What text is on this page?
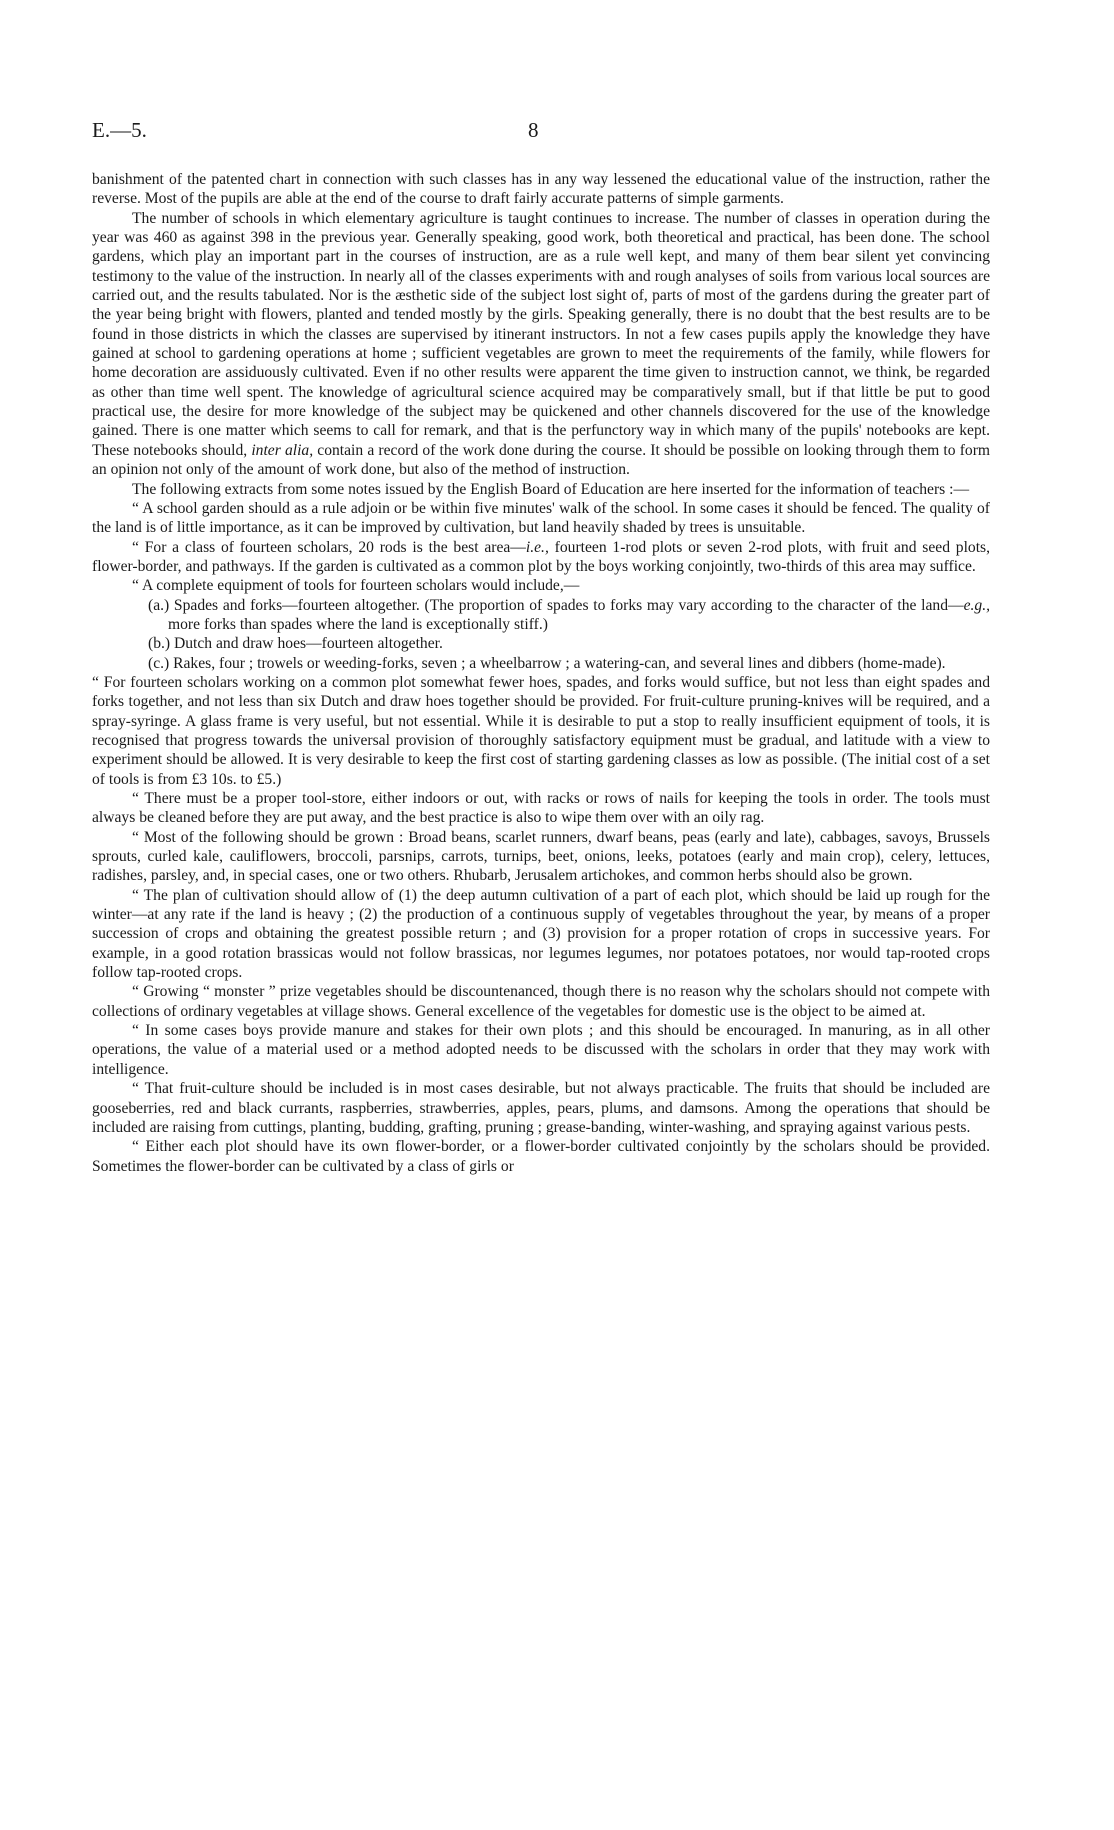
E.—5.	8

banishment of the patented chart in connection with such classes has in any way lessened the educational value of the instruction, rather the reverse. Most of the pupils are able at the end of the course to draft fairly accurate patterns of simple garments.

The number of schools in which elementary agriculture is taught continues to increase. The number of classes in operation during the year was 460 as against 398 in the previous year. Generally speaking, good work, both theoretical and practical, has been done. The school gardens, which play an important part in the courses of instruction, are as a rule well kept, and many of them bear silent yet convincing testimony to the value of the instruction. In nearly all of the classes experiments with and rough analyses of soils from various local sources are carried out, and the results tabulated. Nor is the æsthetic side of the subject lost sight of, parts of most of the gardens during the greater part of the year being bright with flowers, planted and tended mostly by the girls. Speaking generally, there is no doubt that the best results are to be found in those districts in which the classes are supervised by itinerant instructors. In not a few cases pupils apply the knowledge they have gained at school to gardening operations at home ; sufficient vegetables are grown to meet the requirements of the family, while flowers for home decoration are assiduously cultivated. Even if no other results were apparent the time given to instruction cannot, we think, be regarded as other than time well spent. The knowledge of agricultural science acquired may be comparatively small, but if that little be put to good practical use, the desire for more knowledge of the subject may be quickened and other channels discovered for the use of the knowledge gained. There is one matter which seems to call for remark, and that is the perfunctory way in which many of the pupils' notebooks are kept. These notebooks should, inter alia, contain a record of the work done during the course. It should be possible on looking through them to form an opinion not only of the amount of work done, but also of the method of instruction.

The following extracts from some notes issued by the English Board of Education are here inserted for the information of teachers :—

“ A school garden should as a rule adjoin or be within five minutes' walk of the school. In some cases it should be fenced. The quality of the land is of little importance, as it can be improved by cultivation, but land heavily shaded by trees is unsuitable.

“ For a class of fourteen scholars, 20 rods is the best area—i.e., fourteen 1-rod plots or seven 2-rod plots, with fruit and seed plots, flower-border, and pathways. If the garden is cultivated as a common plot by the boys working conjointly, two-thirds of this area may suffice.

“ A complete equipment of tools for fourteen scholars would include,—

(a.) Spades and forks—fourteen altogether. (The proportion of spades to forks may vary according to the character of the land—e.g., more forks than spades where the land is exceptionally stiff.)

(b.) Dutch and draw hoes—fourteen altogether.

(c.) Rakes, four ; trowels or weeding-forks, seven ; a wheelbarrow ; a watering-can, and several lines and dibbers (home-made).

“ For fourteen scholars working on a common plot somewhat fewer hoes, spades, and forks would suffice, but not less than eight spades and forks together, and not less than six Dutch and draw hoes together should be provided. For fruit-culture pruning-knives will be required, and a spray-syringe. A glass frame is very useful, but not essential. While it is desirable to put a stop to really insufficient equipment of tools, it is recognised that progress towards the universal provision of thoroughly satisfactory equipment must be gradual, and latitude with a view to experiment should be allowed. It is very desirable to keep the first cost of starting gardening classes as low as possible. (The initial cost of a set of tools is from £3 10s. to £5.)

“ There must be a proper tool-store, either indoors or out, with racks or rows of nails for keeping the tools in order. The tools must always be cleaned before they are put away, and the best practice is also to wipe them over with an oily rag.

“ Most of the following should be grown : Broad beans, scarlet runners, dwarf beans, peas (early and late), cabbages, savoys, Brussels sprouts, curled kale, cauliflowers, broccoli, parsnips, carrots, turnips, beet, onions, leeks, potatoes (early and main crop), celery, lettuces, radishes, parsley, and, in special cases, one or two others. Rhubarb, Jerusalem artichokes, and common herbs should also be grown.

“ The plan of cultivation should allow of (1) the deep autumn cultivation of a part of each plot, which should be laid up rough for the winter—at any rate if the land is heavy ; (2) the production of a continuous supply of vegetables throughout the year, by means of a proper succession of crops and obtaining the greatest possible return ; and (3) provision for a proper rotation of crops in successive years. For example, in a good rotation brassicas would not follow brassicas, nor legumes legumes, nor potatoes potatoes, nor would tap-rooted crops follow tap-rooted crops.

“ Growing “ monster ” prize vegetables should be discountenanced, though there is no reason why the scholars should not compete with collections of ordinary vegetables at village shows. General excellence of the vegetables for domestic use is the object to be aimed at.

“ In some cases boys provide manure and stakes for their own plots ; and this should be encouraged. In manuring, as in all other operations, the value of a material used or a method adopted needs to be discussed with the scholars in order that they may work with intelligence.

“ That fruit-culture should be included is in most cases desirable, but not always practicable. The fruits that should be included are gooseberries, red and black currants, raspberries, strawberries, apples, pears, plums, and damsons. Among the operations that should be included are raising from cuttings, planting, budding, grafting, pruning ; grease-banding, winter-washing, and spraying against various pests.

“ Either each plot should have its own flower-border, or a flower-border cultivated conjointly by the scholars should be provided. Sometimes the flower-border can be cultivated by a class of girls or
